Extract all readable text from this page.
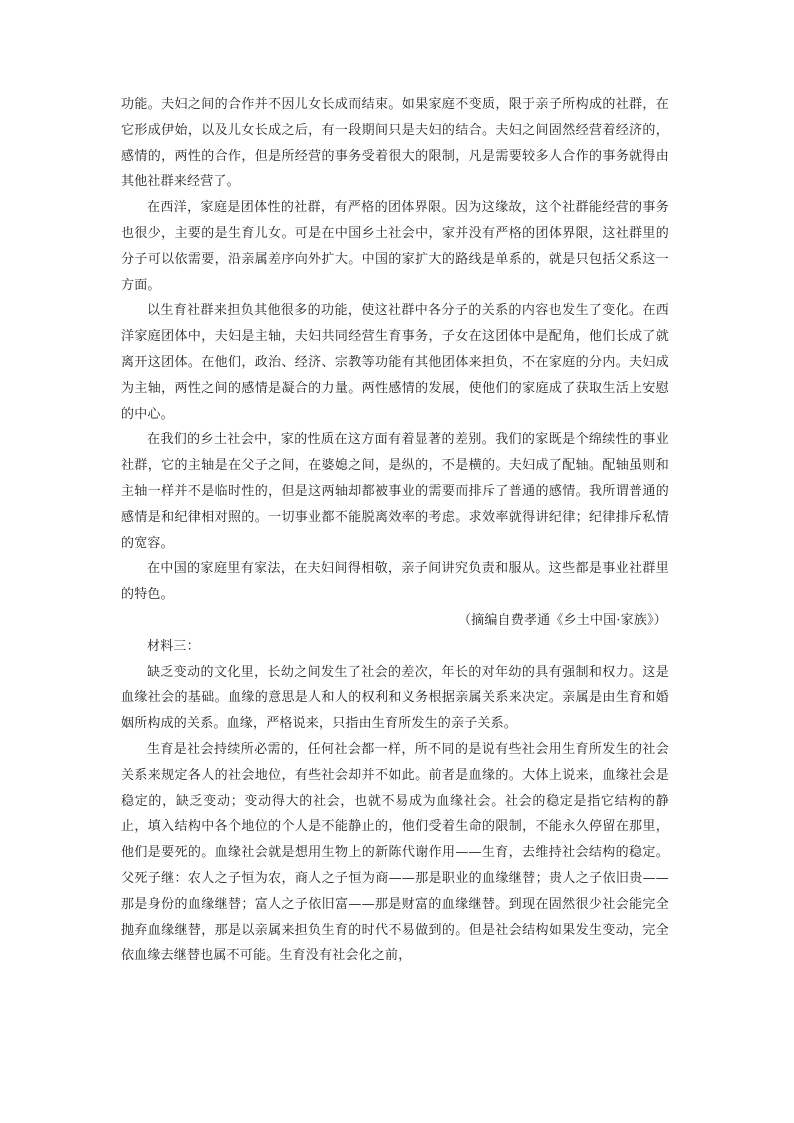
功能。夫妇之间的合作并不因儿女长成而结束。如果家庭不变质，限于亲子所构成的社群，在它形成伊始，以及儿女长成之后，有一段期间只是夫妇的结合。夫妇之间固然经营着经济的，感情的，两性的合作，但是所经营的事务受着很大的限制，凡是需要较多人合作的事务就得由其他社群来经营了。

在西洋，家庭是团体性的社群，有严格的团体界限。因为这缘故，这个社群能经营的事务也很少，主要的是生育儿女。可是在中国乡土社会中，家并没有严格的团体界限，这社群里的分子可以依需要，沿亲属差序向外扩大。中国的家扩大的路线是单系的，就是只包括父系这一方面。

以生育社群来担负其他很多的功能，使这社群中各分子的关系的内容也发生了变化。在西洋家庭团体中，夫妇是主轴，夫妇共同经营生育事务，子女在这团体中是配角，他们长成了就离开这团体。在他们，政治、经济、宗教等功能有其他团体来担负，不在家庭的分内。夫妇成为主轴，两性之间的感情是凝合的力量。两性感情的发展，使他们的家庭成了获取生活上安慰的中心。

在我们的乡土社会中，家的性质在这方面有着显著的差别。我们的家既是个绵续性的事业社群，它的主轴是在父子之间，在婆媳之间，是纵的，不是横的。夫妇成了配轴。配轴虽则和主轴一样并不是临时性的，但是这两轴却都被事业的需要而排斥了普通的感情。我所谓普通的感情是和纪律相对照的。一切事业都不能脱离效率的考虑。求效率就得讲纪律；纪律排斥私情的宽容。

在中国的家庭里有家法，在夫妇间得相敬，亲子间讲究负责和服从。这些都是事业社群里的特色。

（摘编自费孝通《乡土中国·家族》）

材料三：

缺乏变动的文化里，长幼之间发生了社会的差次，年长的对年幼的具有强制和权力。这是血缘社会的基础。血缘的意思是人和人的权利和义务根据亲属关系来决定。亲属是由生育和婚姻所构成的关系。血缘，严格说来，只指由生育所发生的亲子关系。

生育是社会持续所必需的，任何社会都一样，所不同的是说有些社会用生育所发生的社会关系来规定各人的社会地位，有些社会却并不如此。前者是血缘的。大体上说来，血缘社会是稳定的，缺乏变动；变动得大的社会，也就不易成为血缘社会。社会的稳定是指它结构的静止，填入结构中各个地位的个人是不能静止的，他们受着生命的限制，不能永久停留在那里，他们是要死的。血缘社会就是想用生物上的新陈代谢作用——生育，去维持社会结构的稳定。父死子继：农人之子恒为农，商人之子恒为商——那是职业的血缘继替；贵人之子依旧贵——那是身份的血缘继替；富人之子依旧富——那是财富的血缘继替。到现在固然很少社会能完全抛弃血缘继替，那是以亲属来担负生育的时代不易做到的。但是社会结构如果发生变动，完全依血缘去继替也属不可能。生育没有社会化之前，
